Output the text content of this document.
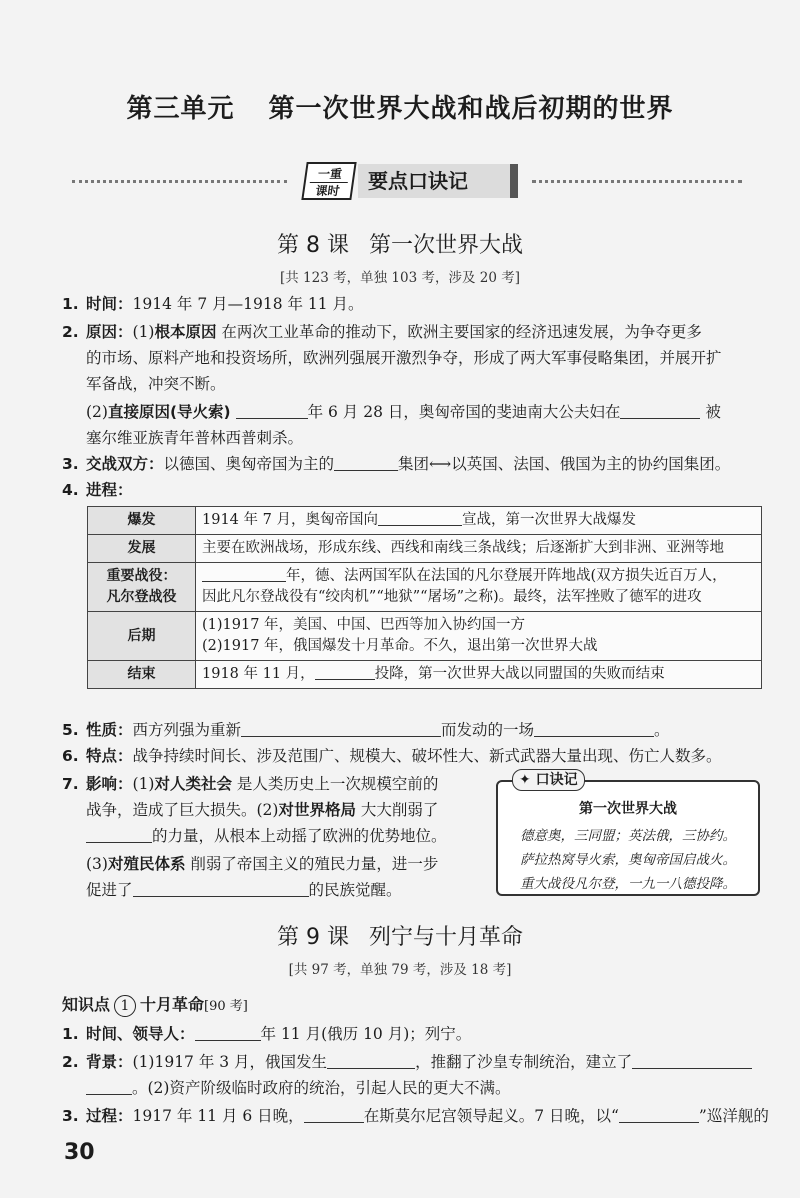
第三单元 第一次世界大战和战后初期的世界
一重
课时	要点口诀记
第 8 课 第一次世界大战
[共 123 考，单独 103 考，涉及 20 考]
1. 时间：1914 年 7 月—1918 年 11 月。
2. 原因：(1)根本原因 在两次工业革命的推动下，欧洲主要国家的经济迅速发展，为争夺更多
的市场、原料产地和投资场所，欧洲列强展开激烈争夺，形成了两大军事侵略集团，并展开扩
军备战，冲突不断。
(2)直接原因(导火索)	年 6 月 28 日，奥匈帝国的斐迪南大公夫妇在	被
塞尔维亚族青年普林西普刺杀。
3. 交战双方：以德国、奥匈帝国为主的	集团⟷以英国、法国、俄国为主的协约国集团。
4. 进程：
爆发	1914 年 7 月，奥匈帝国向 宣战，第一次世界大战爆发
发展	主要在欧洲战场，形成东线、西线和南线三条战线；后逐渐扩大到非洲、亚洲等地
重要战役：
凡尔登战役	年，德、法两国军队在法国的凡尔登展开阵地战(双方损失近百万人，
因此凡尔登战役有“绞肉机”“地狱”“屠场”之称)。最终，法军挫败了德军的进攻
后期	(1)1917 年，美国、中国、巴西等加入协约国一方
(2)1917 年，俄国爆发十月革命。不久，退出第一次世界大战
结束	1918 年 11 月， 投降，第一次世界大战以同盟国的失败而结束
5. 性质：西方列强为重新	而发动的一场	。
6. 特点：战争持续时间长、涉及范围广、规模大、破坏性大、新式武器大量出现、伤亡人数多。
7. 影响：(1)对人类社会 是人类历史上一次规模空前的
战争，造成了巨大损失。(2)对世界格局 大大削弱了
的力量，从根本上动摇了欧洲的优势地位。
(3)对殖民体系 削弱了帝国主义的殖民力量，进一步
促进了	的民族觉醒。
✦ 口诀记
第一次世界大战
德意奥，三同盟；英法俄，三协约。
萨拉热窝导火索，奥匈帝国启战火。
重大战役凡尔登，一九一八德投降。
第 9 课 列宁与十月革命
[共 97 考，单独 79 考，涉及 18 考]
知识点 1 十月革命[90 考]
1. 时间、领导人：	年 11 月(俄历 10 月)；列宁。
2. 背景：(1)1917 年 3 月，俄国发生	，推翻了沙皇专制统治，建立了
。(2)资产阶级临时政府的统治，引起人民的更大不满。
3. 过程：1917 年 11 月 6 日晚，	在斯莫尔尼宫领导起义。7 日晚，以“	”巡洋舰的
30
